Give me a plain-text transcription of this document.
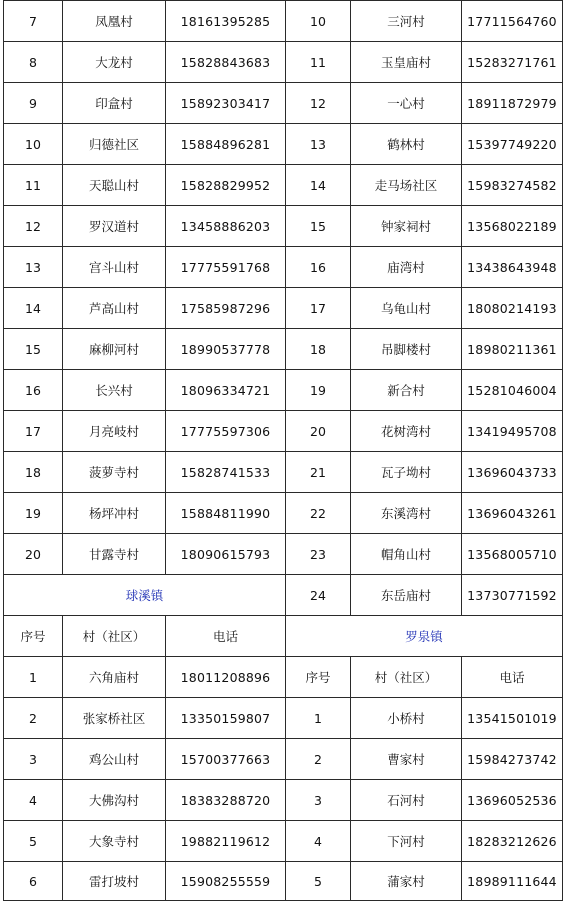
7	凤凰村	18161395285	10	三河村	17711564760
8	大龙村	15828843683	11	玉皇庙村	15283271761
9	印盒村	15892303417	12	一心村	18911872979
10	归德社区	15884896281	13	鹤林村	15397749220
11	天聪山村	15828829952	14	走马场社区	15983274582
12	罗汉道村	13458886203	15	钟家祠村	13568022189
13	宫斗山村	17775591768	16	庙湾村	13438643948
14	芦高山村	17585987296	17	乌龟山村	18080214193
15	麻柳河村	18990537778	18	吊脚楼村	18980211361
16	长兴村	18096334721	19	新合村	15281046004
17	月亮岐村	17775597306	20	花树湾村	13419495708
18	菠萝寺村	15828741533	21	瓦子坳村	13696043733
19	杨坪冲村	15884811990	22	东溪湾村	13696043261
20	甘露寺村	18090615793	23	帽角山村	13568005710
球溪镇			24	东岳庙村	13730771592
序号	村（社区）	电话	罗泉镇		
1	六角庙村	18011208896	序号	村（社区）	电话
2	张家桥社区	13350159807	1	小桥村	13541501019
3	鸡公山村	15700377663	2	曹家村	15984273742
4	大佛沟村	18383288720	3	石河村	13696052536
5	大象寺村	19882119612	4	下河村	18283212626
6	雷打坡村	15908255559	5	蒲家村	18989111644
